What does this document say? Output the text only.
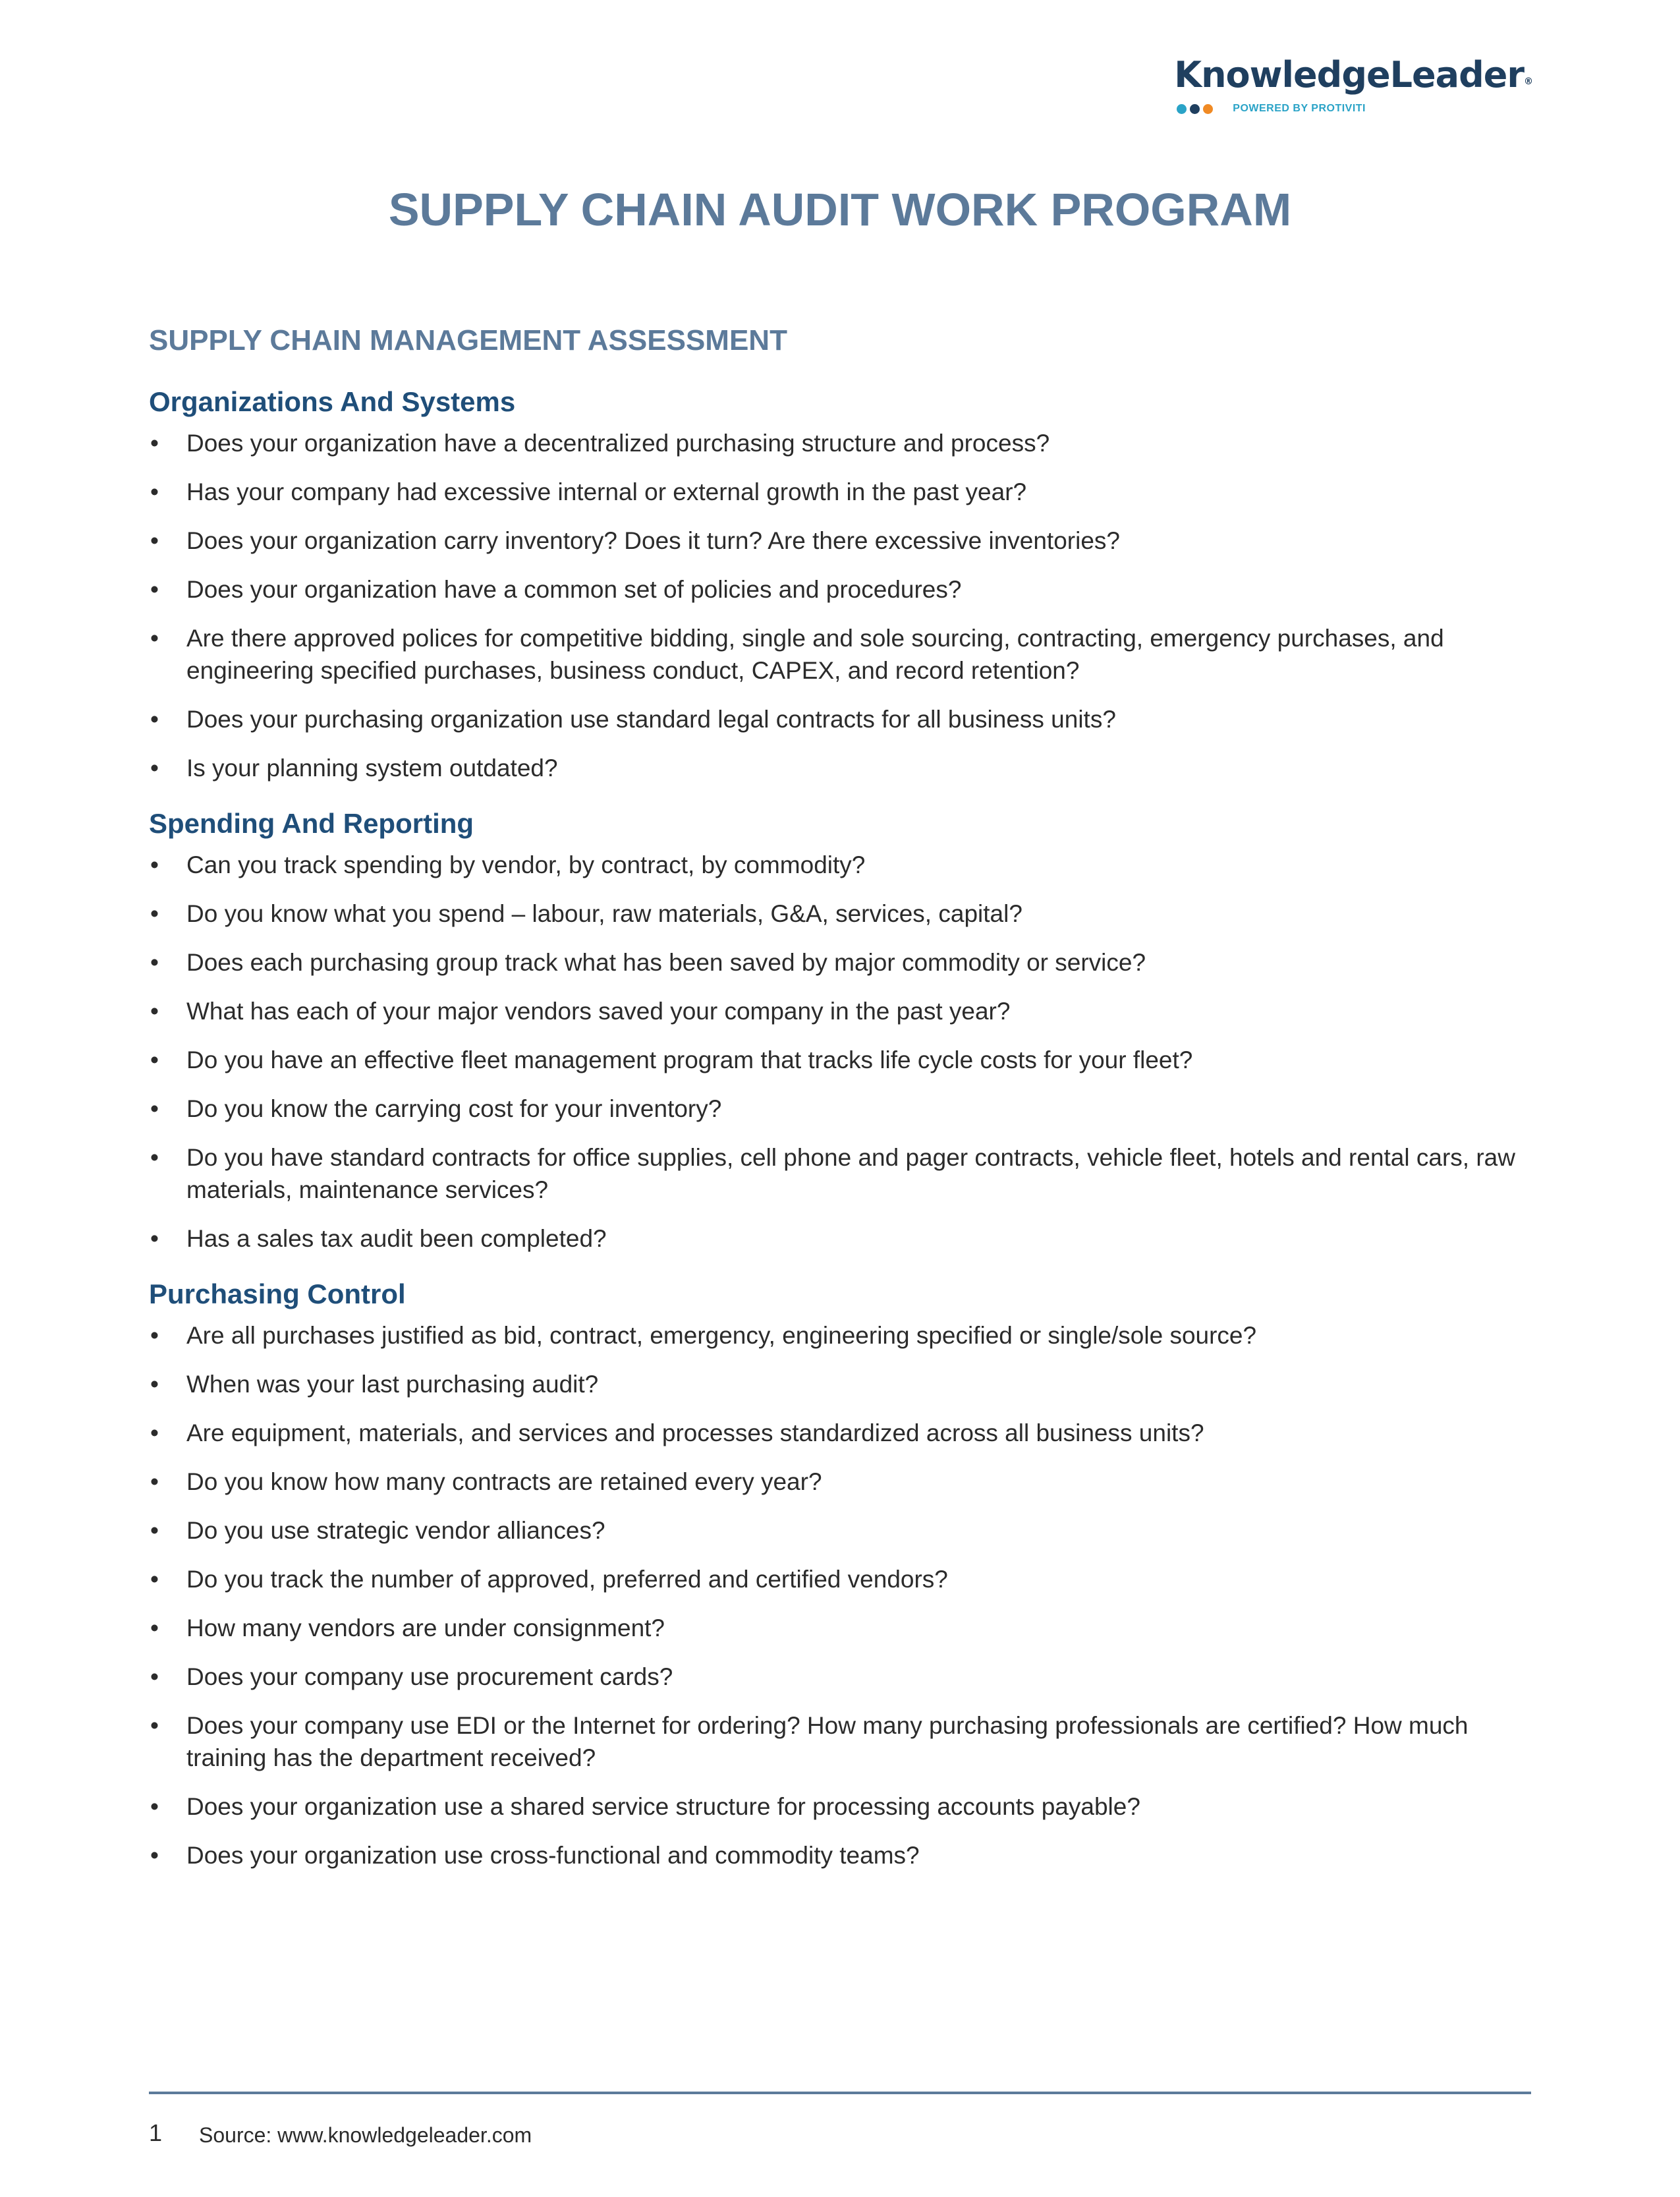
KnowledgeLeader®
POWERED BY PROTIVITI
SUPPLY CHAIN AUDIT WORK PROGRAM
SUPPLY CHAIN MANAGEMENT ASSESSMENT
Organizations And Systems
• Does your organization have a decentralized purchasing structure and process?
• Has your company had excessive internal or external growth in the past year?
• Does your organization carry inventory? Does it turn? Are there excessive inventories?
• Does your organization have a common set of policies and procedures?
• Are there approved polices for competitive bidding, single and sole sourcing, contracting, emergency purchases, and engineering specified purchases, business conduct, CAPEX, and record retention?
• Does your purchasing organization use standard legal contracts for all business units?
• Is your planning system outdated?
Spending And Reporting
• Can you track spending by vendor, by contract, by commodity?
• Do you know what you spend – labour, raw materials, G&A, services, capital?
• Does each purchasing group track what has been saved by major commodity or service?
• What has each of your major vendors saved your company in the past year?
• Do you have an effective fleet management program that tracks life cycle costs for your fleet?
• Do you know the carrying cost for your inventory?
• Do you have standard contracts for office supplies, cell phone and pager contracts, vehicle fleet, hotels and rental cars, raw materials, maintenance services?
• Has a sales tax audit been completed?
Purchasing Control
• Are all purchases justified as bid, contract, emergency, engineering specified or single/sole source?
• When was your last purchasing audit?
• Are equipment, materials, and services and processes standardized across all business units?
• Do you know how many contracts are retained every year?
• Do you use strategic vendor alliances?
• Do you track the number of approved, preferred and certified vendors?
• How many vendors are under consignment?
• Does your company use procurement cards?
• Does your company use EDI or the Internet for ordering? How many purchasing professionals are certified? How much training has the department received?
• Does your organization use a shared service structure for processing accounts payable?
• Does your organization use cross-functional and commodity teams?
1 Source: www.knowledgeleader.com
